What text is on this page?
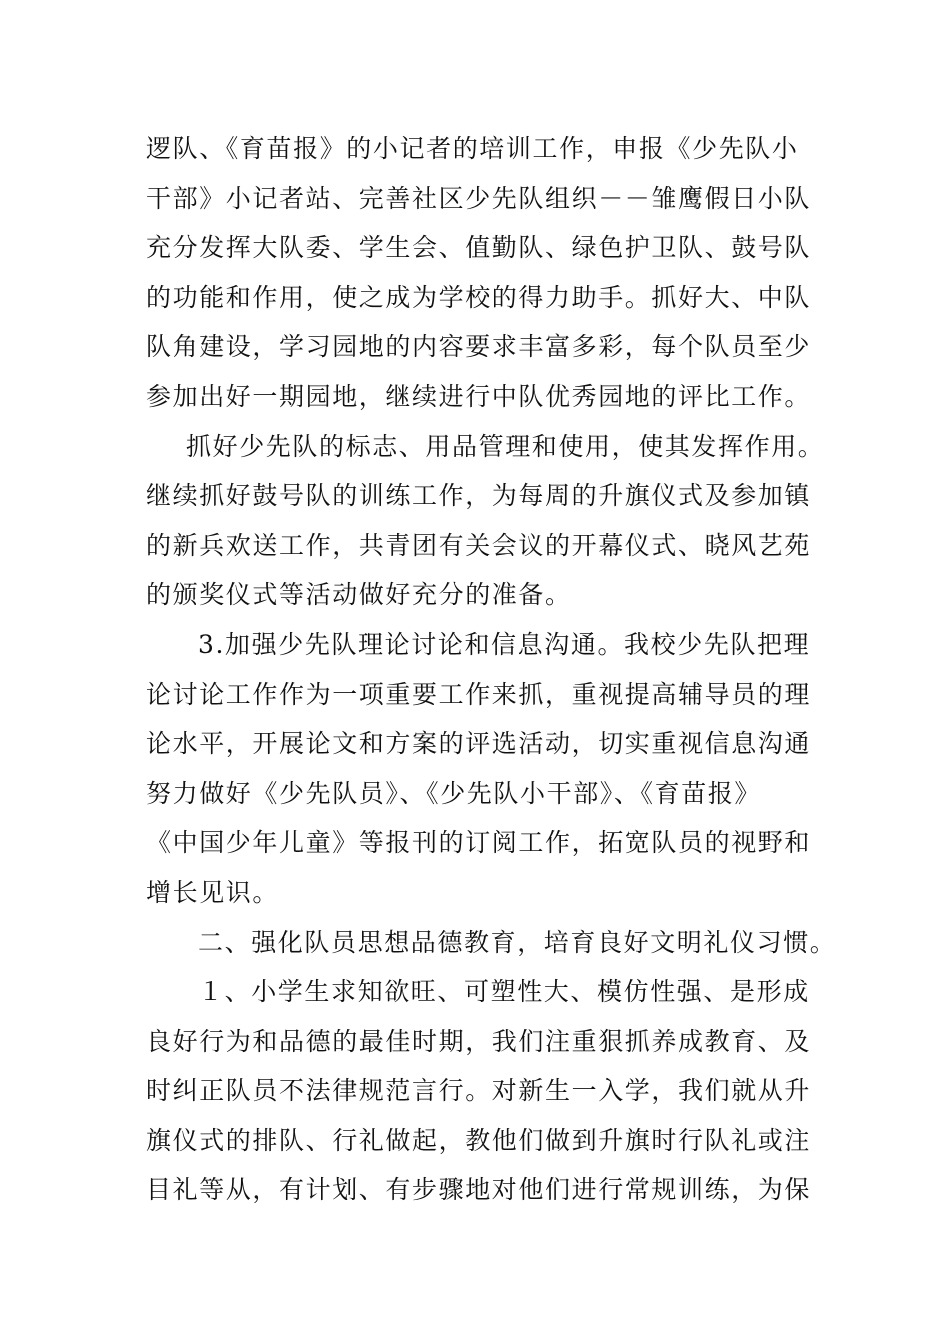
逻队、《育苗报》的小记者的培训工作，申报《少先队小
干部》小记者站、完善社区少先队组织－－雏鹰假日小队
充分发挥大队委、学生会、值勤队、绿色护卫队、鼓号队
的功能和作用，使之成为学校的得力助手。抓好大、中队
队角建设，学习园地的内容要求丰富多彩，每个队员至少
参加出好一期园地，继续进行中队优秀园地的评比工作。
抓好少先队的标志、用品管理和使用，使其发挥作用。
继续抓好鼓号队的训练工作，为每周的升旗仪式及参加镇
的新兵欢送工作，共青团有关会议的开幕仪式、晓风艺苑
的颁奖仪式等活动做好充分的准备。
3.加强少先队理论讨论和信息沟通。我校少先队把理
论讨论工作作为一项重要工作来抓，重视提高辅导员的理
论水平，开展论文和方案的评选活动，切实重视信息沟通
努力做好《少先队员》、《少先队小干部》、《育苗报》
《中国少年儿童》等报刊的订阅工作，拓宽队员的视野和
增长见识。
二、强化队员思想品德教育，培育良好文明礼仪习惯。
１、小学生求知欲旺、可塑性大、模仿性强、是形成
良好行为和品德的最佳时期，我们注重狠抓养成教育、及
时纠正队员不法律规范言行。对新生一入学，我们就从升
旗仪式的排队、行礼做起，教他们做到升旗时行队礼或注
目礼等从，有计划、有步骤地对他们进行常规训练，为保
